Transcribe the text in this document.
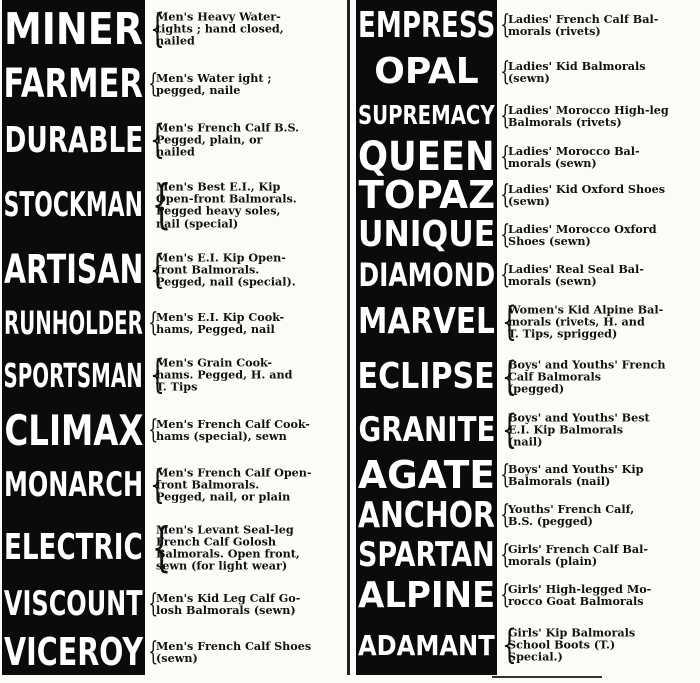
MINER {
Men's Heavy Water-
tights ; hand closed,
nailed
FARMER {
Men's Water ight ;
pegged, naile
DURABLE {
Men's French Calf B.S.
Pegged, plain, or
nailed
STOCKMAN {
Men's Best E.I., Kip
Open-front Balmorals.
Pegged heavy soles,
nail (special)
ARTISAN {
Men's E.I. Kip Open-
front Balmorals.
Pegged, nail (special).
RUNHOLDER {
Men's E.I. Kip Cook-
hams, Pegged, nail
SPORTSMAN {
Men's Grain Cook-
hams. Pegged, H. and
T. Tips
CLIMAX {
Men's French Calf Cook-
hams (special), sewn
MONARCH {
Men's French Calf Open-
front Balmorals.
Pegged, nail, or plain
ELECTRIC {
Men's Levant Seal-leg
French Calf Golosh
Balmorals. Open front,
sewn (for light wear)
VISCOUNT {
Men's Kid Leg Calf Go-
losh Balmorals (sewn)
VICEROY {
Men's French Calf Shoes
(sewn)
EMPRESS {
Ladies' French Calf Bal-
morals (rivets)
OPAL {
Ladies' Kid Balmorals
(sewn)
SUPREMACY {
Ladies' Morocco High-leg
Balmorals (rivets)
QUEEN {
Ladies' Morocco Bal-
morals (sewn)
TOPAZ {
Ladies' Kid Oxford Shoes
(sewn)
UNIQUE {
Ladies' Morocco Oxford
Shoes (sewn)
DIAMOND {
Ladies' Real Seal Bal-
morals (sewn)
MARVEL {
Women's Kid Alpine Bal-
morals (rivets, H. and
T. Tips, sprigged)
ECLIPSE {
Boys' and Youths' French
Calf Balmorals
(pegged)
GRANITE {
Boys' and Youths' Best
E.I. Kip Balmorals
(nail)
AGATE {
Boys' and Youths' Kip
Balmorals (nail)
ANCHOR {
Youths' French Calf,
B.S. (pegged)
SPARTAN {
Girls' French Calf Bal-
morals (plain)
ALPINE {
Girls' High-legged Mo-
rocco Goat Balmorals
ADAMANT {
Girls' Kip Balmorals
School Boots (T.)
Special.)
